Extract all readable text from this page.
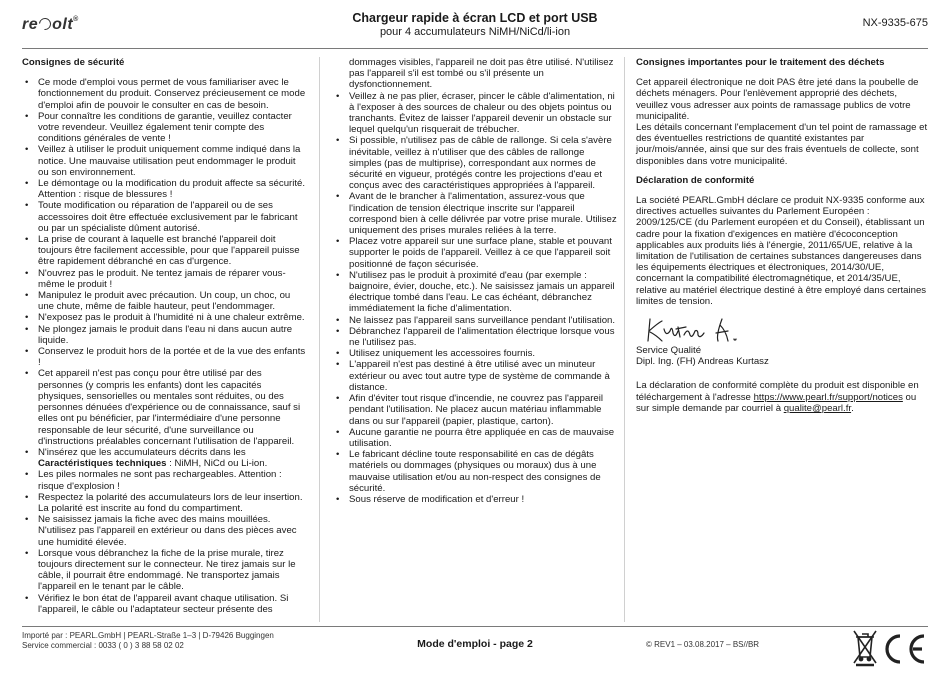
re olt®	Chargeur rapide à écran LCD et port USB
pour 4 accumulateurs NiMH/NiCd/li-ion
NX-9335-675
Consignes de sécurité
• Ce mode d'emploi vous permet de vous familiariser avec le fonctionnement du produit. Conservez précieusement ce mode d'emploi afin de pouvoir le consulter en cas de besoin.
• Pour connaître les conditions de garantie, veuillez contacter votre revendeur. Veuillez également tenir compte des conditions générales de vente !
• Veillez à utiliser le produit uniquement comme indiqué dans la notice. Une mauvaise utilisation peut endommager le produit ou son environnement.
• Le démontage ou la modification du produit affecte sa sécurité. Attention : risque de blessures !
• Toute modification ou réparation de l'appareil ou de ses accessoires doit être effectuée exclusivement par le fabricant ou par un spécialiste dûment autorisé.
• La prise de courant à laquelle est branché l'appareil doit toujours être facilement accessible, pour que l'appareil puisse être rapidement débranché en cas d'urgence.
• N'ouvrez pas le produit. Ne tentez jamais de réparer vous-même le produit !
• Manipulez le produit avec précaution. Un coup, un choc, ou une chute, même de faible hauteur, peut l'endommager.
• N'exposez pas le produit à l'humidité ni à une chaleur extrême.
• Ne plongez jamais le produit dans l'eau ni dans aucun autre liquide.
• Conservez le produit hors de la portée et de la vue des enfants !
• Cet appareil n'est pas conçu pour être utilisé par des personnes (y compris les enfants) dont les capacités physiques, sensorielles ou mentales sont réduites, ou des personnes dénuées d'expérience ou de connaissance, sauf si elles ont pu bénéficier, par l'intermédiaire d'une personne responsable de leur sécurité, d'une surveillance ou d'instructions préalables concernant l'utilisation de l'appareil.
• N'insérez que les accumulateurs décrits dans les Caractéristiques techniques : NiMH, NiCd ou Li-ion.
• Les piles normales ne sont pas rechargeables. Attention : risque d'explosion !
• Respectez la polarité des accumulateurs lors de leur insertion. La polarité est inscrite au fond du compartiment.
• Ne saisissez jamais la fiche avec des mains mouillées. N'utilisez pas l'appareil en extérieur ou dans des pièces avec une humidité élevée.
• Lorsque vous débranchez la fiche de la prise murale, tirez toujours directement sur le connecteur. Ne tirez jamais sur le câble, il pourrait être endommagé. Ne transportez jamais l'appareil en le tenant par le câble.
• Vérifiez le bon état de l'appareil avant chaque utilisation. Si l'appareil, le câble ou l'adaptateur secteur présente des

dommages visibles, l'appareil ne doit pas être utilisé. N'utilisez pas l'appareil s'il est tombé ou s'il présente un dysfonctionnement.

• Veillez à ne pas plier, écraser, pincer le câble d'alimentation, ni à l'exposer à des sources de chaleur ou des objets pointus ou tranchants. Évitez de laisser l'appareil devenir un obstacle sur lequel quelqu'un risquerait de trébucher.
• Si possible, n'utilisez pas de câble de rallonge. Si cela s'avère inévitable, veillez à n'utiliser que des câbles de rallonge simples (pas de multiprise), correspondant aux normes de sécurité en vigueur, protégés contre les projections d'eau et conçus avec des caractéristiques appropriées à l'appareil.
• Avant de le brancher à l'alimentation, assurez-vous que l'indication de tension électrique inscrite sur l'appareil correspond bien à celle délivrée par votre prise murale. Utilisez uniquement des prises murales reliées à la terre.
• Placez votre appareil sur une surface plane, stable et pouvant supporter le poids de l'appareil. Veillez à ce que l'appareil soit positionné de façon sécurisée.
• N'utilisez pas le produit à proximité d'eau (par exemple : baignoire, évier, douche, etc.). Ne saisissez jamais un appareil électrique tombé dans l'eau. Le cas échéant, débranchez immédiatement la fiche d'alimentation.
• Ne laissez pas l'appareil sans surveillance pendant l'utilisation.
• Débranchez l'appareil de l'alimentation électrique lorsque vous ne l'utilisez pas.
• Utilisez uniquement les accessoires fournis.
• L'appareil n'est pas destiné à être utilisé avec un minuteur extérieur ou avec tout autre type de système de commande à distance.
• Afin d'éviter tout risque d'incendie, ne couvrez pas l'appareil pendant l'utilisation. Ne placez aucun matériau inflammable dans ou sur l'appareil (papier, plastique, carton).
• Aucune garantie ne pourra être appliquée en cas de mauvaise utilisation.
• Le fabricant décline toute responsabilité en cas de dégâts matériels ou dommages (physiques ou moraux) dus à une mauvaise utilisation et/ou au non-respect des consignes de sécurité.
• Sous réserve de modification et d'erreur !
Consignes importantes pour le traitement des déchets

Cet appareil électronique ne doit PAS être jeté dans la poubelle de déchets ménagers. Pour l'enlèvement approprié des déchets, veuillez vous adresser aux points de ramassage publics de votre municipalité.

Les détails concernant l'emplacement d'un tel point de ramassage et des éventuelles restrictions de quantité existantes par jour/mois/année, ainsi que sur des frais éventuels de collecte, sont disponibles dans votre municipalité.

Déclaration de conformité

La société PEARL.GmbH déclare ce produit NX-9335 conforme aux directives actuelles suivantes du Parlement Européen : 2009/125/CE (du Parlement européen et du Conseil), établissant un cadre pour la fixation d'exigences en matière d'écoconception applicables aux produits liés à l'énergie, 2011/65/UE, relative à la limitation de l'utilisation de certaines substances dangereuses dans les équipements électriques et électroniques, 2014/30/UE, concernant la compatibilité électromagnétique, et 2014/35/UE, relative au matériel électrique destiné à être employé dans certaines limites de tension.

Service Qualité

Dipl. Ing. (FH) Andreas Kurtasz

La déclaration de conformité complète du produit est disponible en téléchargement à l'adresse https://www.pearl.fr/support/notices ou sur simple demande par courriel à qualite@pearl.fr.

Importé par : PEARL.GmbH | PEARL-Straße 1–3 | D-79426 Buggingen
Service commercial : 0033 ( 0 ) 3 88 58 02 02	Mode d'emploi - page 2	© REV1 – 03.08.2017 – BS//BR
